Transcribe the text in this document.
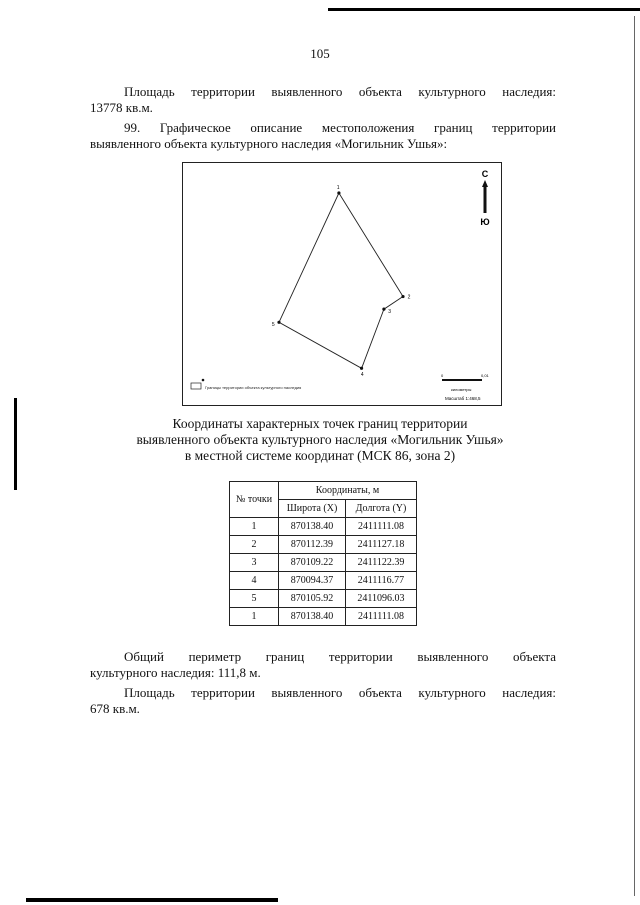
105
Площадь территории выявленного объекта культурного наследия:
13778 кв.м.
99. Графическое описание местоположения границ территории
выявленного объекта культурного наследия «Могильник Ушья»:
1
2
3
4
5
С
Ю
Границы территории объекта культурного наследия
0	0,01
километры
Масштаб 1:468,5
Координаты характерных точек границ территории
выявленного объекта культурного наследия «Могильник Ушья»
в местной системе координат (МСК 86, зона 2)
№ точки	Координаты, м	
	Широта (X)	Долгота (Y)
1	870138.40	2411111.08
2	870112.39	2411127.18
3	870109.22	2411122.39
4	870094.37	2411116.77
5	870105.92	2411096.03
1	870138.40	2411111.08
Общий периметр границ территории выявленного объекта
культурного наследия: 111,8 м.
Площадь территории выявленного объекта культурного наследия:
678 кв.м.
